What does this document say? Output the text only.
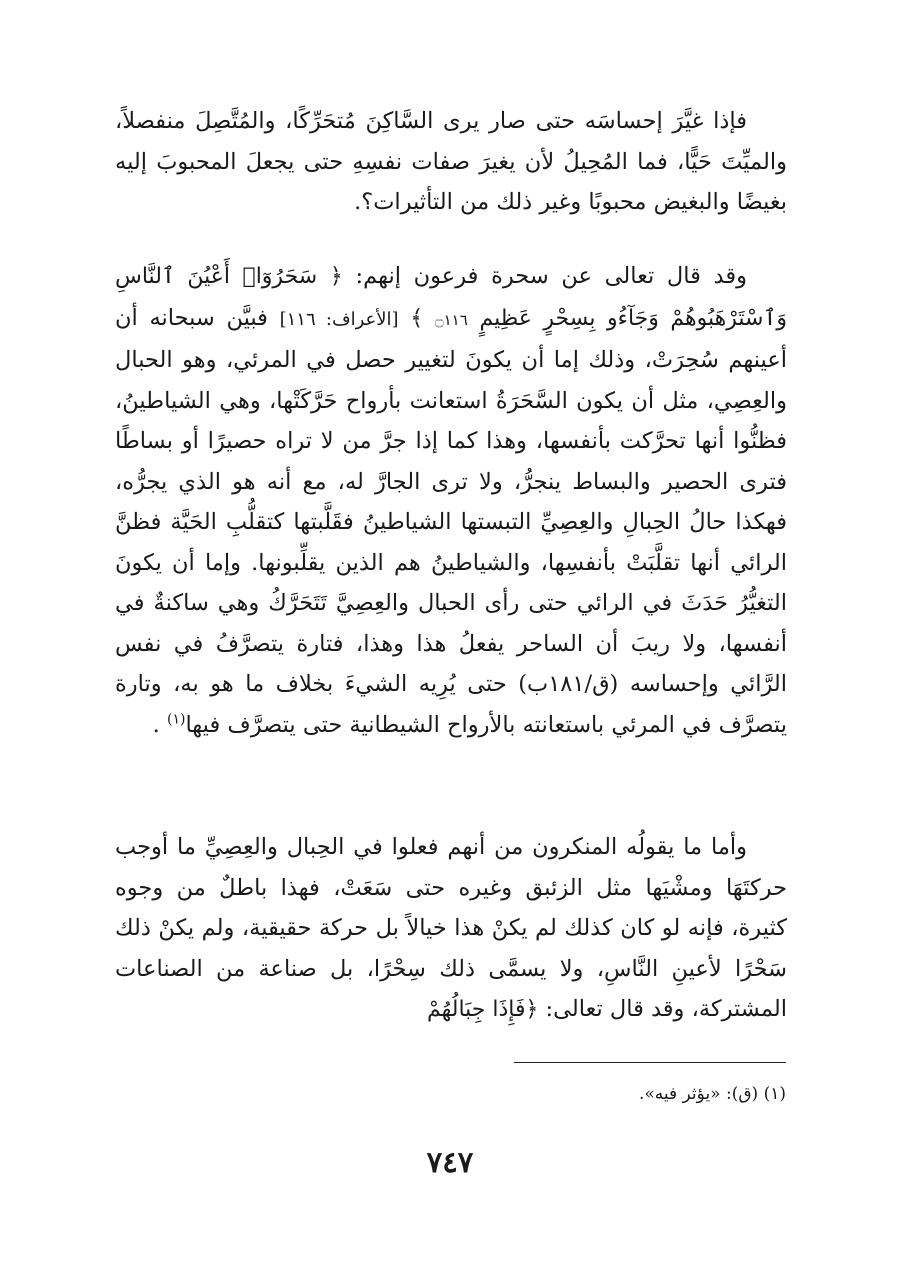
فإذا غيَّرَ إحساسَه حتى صار يرى السَّاكِنَ مُتحَرِّكًا، والمُتَّصِلَ منفصلاً، والميِّتَ حَيًّا، فما المُحِيلُ لأن يغيرَ صفات نفسِهِ حتى يجعلَ المحبوبَ إليه بغيضًا والبغيض محبوبًا وغير ذلك من التأثيرات؟.

وقد قال تعالى عن سحرة فرعون إنهم: ﴿ سَحَرُوٓا۟ أَعْيُنَ ٱلنَّاسِ وَٱسْتَرْهَبُوهُمْ وَجَآءُو بِسِحْرٍ عَظِيمٍ ۝١١٦ ﴾ [الأعراف: ١١٦] فبيَّن سبحانه أن أعينهم سُحِرَتْ، وذلك إما أن يكونَ لتغيير حصل في المرئي، وهو الحبال والعِصِي، مثل أن يكون السَّحَرَةُ استعانت بأرواح حَرَّكَتْها، وهي الشياطينُ، فظنُّوا أنها تحرَّكت بأنفسها، وهذا كما إذا جرَّ من لا تراه حصيرًا أو بساطًا فترى الحصير والبساط ينجرُّ، ولا ترى الجارَّ له، مع أنه هو الذي يجرُّه، فهكذا حالُ الحِبالِ والعِصِيِّ التبستها الشياطينُ فقَلَّبتها كتقلُّبِ الحَيَّة فظنَّ الرائي أنها تقلَّبَتْ بأنفسِها، والشياطينُ هم الذين يقلِّبونها. وإما أن يكونَ التغيُّرُ حَدَثَ في الرائي حتى رأى الحبال والعِصِيَّ تَتَحَرَّكُ وهي ساكنةٌ في أنفسها، ولا ريبَ أن الساحر يفعلُ هذا وهذا، فتارة يتصرَّفُ في نفس الرَّائي وإحساسه (ق/١٨١ب) حتى يُرِيه الشيءَ بخلاف ما هو به، وتارة يتصرَّف في المرئي باستعانته بالأرواح الشيطانية حتى يتصرَّف فيها$^{(١)}$ .

وأما ما يقولُه المنكرون من أنهم فعلوا في الحِبال والعِصِيِّ ما أوجب حركتَهَا ومشْيَها مثل الزئبق وغيره حتى سَعَتْ، فهذا باطلٌ من وجوه كثيرة، فإنه لو كان كذلك لم يكنْ هذا خيالاً بل حركة حقيقية، ولم يكنْ ذلك سَحْرًا لأعينِ النَّاسِ، ولا يسمَّى ذلك سِحْرًا، بل صناعة من الصناعات المشتركة، وقد قال تعالى: ﴿فَإِذَا جِبَالُهُمْ

(١) (ق): «يؤثر فيه».
٧٤٧
